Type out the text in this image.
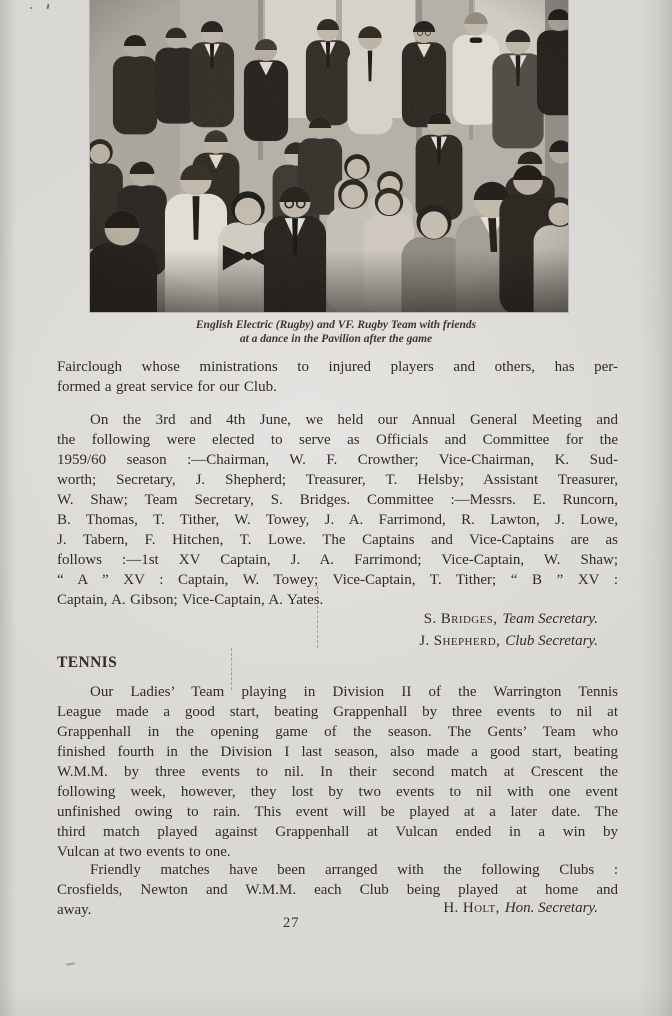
English Electric (Rugby) and VF. Rugby Team with friends
at a dance in the Pavilion after the game
Fairclough whose ministrations to injured players and others, has per-
formed a great service for our Club.
On the 3rd and 4th June, we held our Annual General Meeting and
the following were elected to serve as Officials and Committee for the
1959/60 season :—Chairman, W. F. Crowther; Vice-Chairman, K. Sud-
worth; Secretary, J. Shepherd; Treasurer, T. Helsby; Assistant Treasurer,
W. Shaw; Team Secretary, S. Bridges. Committee :—Messrs. E. Runcorn,
B. Thomas, T. Tither, W. Towey, J. A. Farrimond, R. Lawton, J. Lowe,
J. Tabern, F. Hitchen, T. Lowe. The Captains and Vice-Captains are as
follows :—1st XV Captain, J. A. Farrimond; Vice-Captain, W. Shaw;
“ A ” XV : Captain, W. Towey; Vice-Captain, T. Tither; “ B ” XV :
Captain, A. Gibson; Vice-Captain, A. Yates.
S. Bridges, Team Secretary.
J. Shepherd, Club Secretary.
TENNIS
Our Ladies’ Team playing in Division II of the Warrington Tennis
League made a good start, beating Grappenhall by three events to nil at
Grappenhall in the opening game of the season. The Gents’ Team who
finished fourth in the Division I last season, also made a good start, beating
W.M.M. by three events to nil. In their second match at Crescent the
following week, however, they lost by two events to nil with one event
unfinished owing to rain. This event will be played at a later date. The
third match played against Grappenhall at Vulcan ended in a win by
Vulcan at two events to one.
Friendly matches have been arranged with the following Clubs :
Crosfields, Newton and W.M.M. each Club being played at home and
away.	H. Holt, Hon. Secretary.
27
